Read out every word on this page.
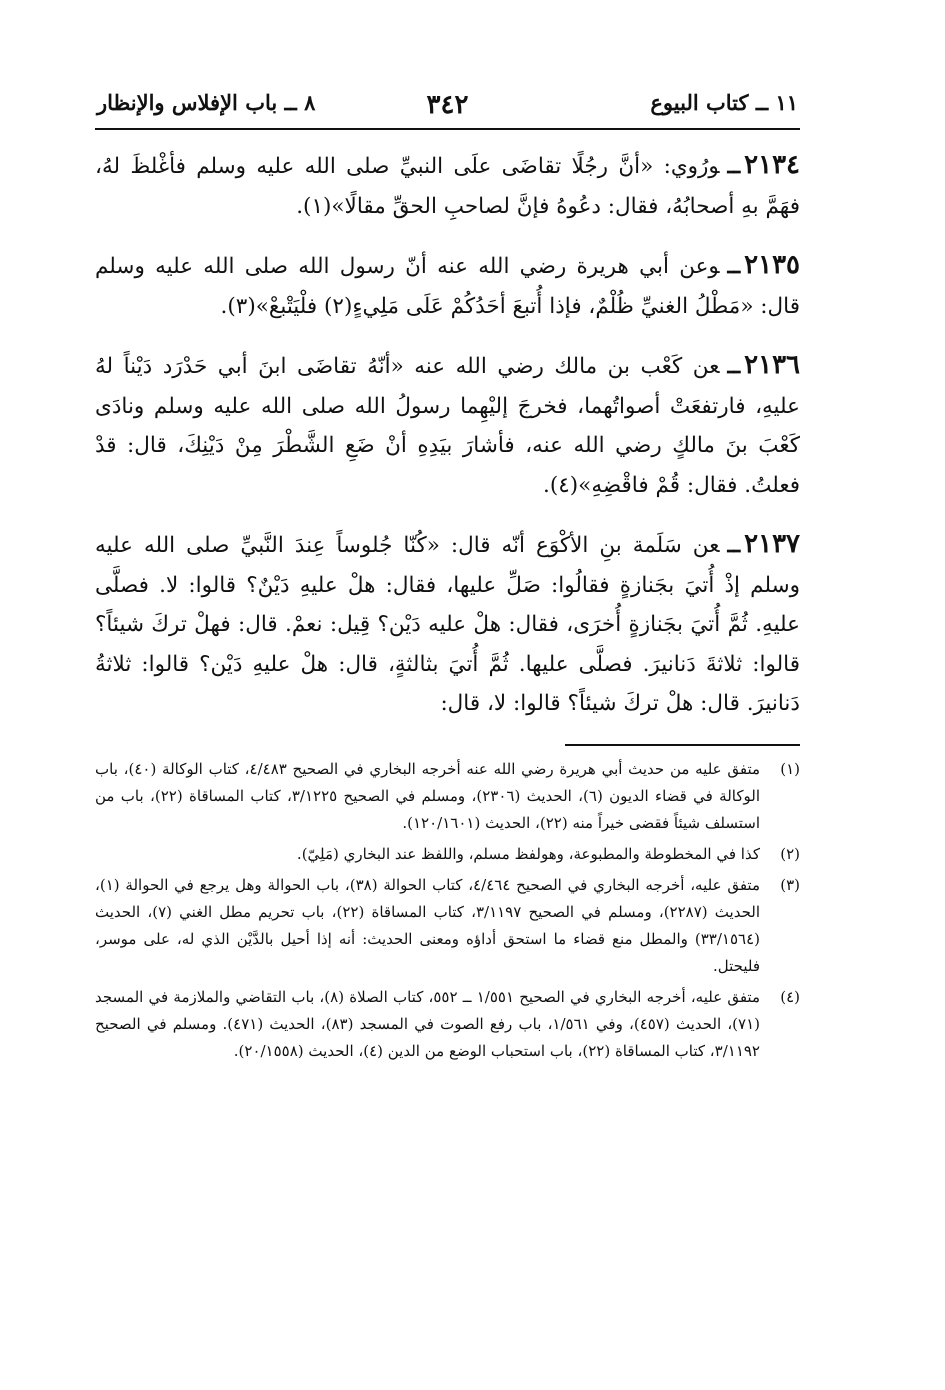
١١ ــ كتاب البيوع
٣٤٢
٨ ــ باب الإفلاس والإنظار

٢١٣٤ــورُوي: «أنَّ رجُلًا تقاضَى علَى النبيِّ صلى الله عليه وسلم فأغْلظَ لهُ، فهَمَّ بهِ أصحابُهُ، فقال: دعُوهُ فإنَّ لصاحبِ الحقِّ مقالًا»(١).

٢١٣٥ــوعن أبي هريرة رضي الله عنه أنّ رسول الله صلى الله عليه وسلم قال: «مَطْلُ الغنيِّ ظُلْمٌ، فإذا أُتبعَ أحَدُكُمْ عَلَى مَلِيءٍ(٢) فلْيَتْبعْ»(٣).

٢١٣٦ــعن كَعْب بن مالك رضي الله عنه «أنّهُ تقاضَى ابنَ أبي حَدْرَد دَيْناً لهُ عليهِ، فارتفعَتْ أصواتُهما، فخرجَ إليْهِما رسولُ الله صلى الله عليه وسلم ونادَى كَعْبَ بنَ مالكٍ رضي الله عنه، فأشارَ بيَدِهِ أنْ ضَعِ الشَّطْرَ مِنْ دَيْنِكَ، قال: قدْ فعلتُ. فقال: قُمْ فاقْضِهِ»(٤).

٢١٣٧ــعن سَلَمة بنِ الأكْوَع أنّه قال: «كُنّا جُلوساً عِندَ النَّبيِّ صلى الله عليه وسلم إذْ أُتيَ بجَنازةٍ فقالُوا: صَلِّ عليها، فقال: هلْ عليهِ دَيْنٌ؟ قالوا: لا. فصلَّى عليهِ. ثُمَّ أُتيَ بجَنازةٍ أُخرَى، فقال: هلْ عليه دَيْن؟ قِيل: نعمْ. قال: فهلْ تركَ شيئاً؟ قالوا: ثلاثةَ دَنانيرَ. فصلَّى عليها. ثُمَّ أُتيَ بثالثةٍ، قال: هلْ عليهِ دَيْن؟ قالوا: ثلاثةُ دَنانيرَ. قال: هلْ تركَ شيئاً؟ قالوا: لا، قال:

(١)
متفق عليه من حديث أبي هريرة رضي الله عنه أخرجه البخاري في الصحيح ٤/٤٨٣، كتاب الوكالة (٤٠)، باب الوكالة في قضاء الديون (٦)، الحديث (٢٣٠٦)، ومسلم في الصحيح ٣/١٢٢٥، كتاب المساقاة (٢٢)، باب من استسلف شيئاً فقضى خيراً منه (٢٢)، الحديث (١٢٠/١٦٠١).
(٢)
كذا في المخطوطة والمطبوعة، وهولفظ مسلم، واللفظ عند البخاري (مَلِيّ).
(٣)
متفق عليه، أخرجه البخاري في الصحيح ٤/٤٦٤، كتاب الحوالة (٣٨)، باب الحوالة وهل يرجع في الحوالة (١)، الحديث (٢٢٨٧)، ومسلم في الصحيح ٣/١١٩٧، كتاب المساقاة (٢٢)، باب تحريم مطل الغني (٧)، الحديث (٣٣/١٥٦٤) والمطل منع قضاء ما استحق أداؤه ومعنى الحديث: أنه إذا أحيل بالدَّيْن الذي له، على موسر، فليحتل.
(٤)
متفق عليه، أخرجه البخاري في الصحيح ١/٥٥١ ــ ٥٥٢، كتاب الصلاة (٨)، باب التقاضي والملازمة في المسجد (٧١)، الحديث (٤٥٧)، وفي ١/٥٦١، باب رفع الصوت في المسجد (٨٣)، الحديث (٤٧١). ومسلم في الصحيح ٣/١١٩٢، كتاب المساقاة (٢٢)، باب استحباب الوضع من الدين (٤)، الحديث (٢٠/١٥٥٨).
